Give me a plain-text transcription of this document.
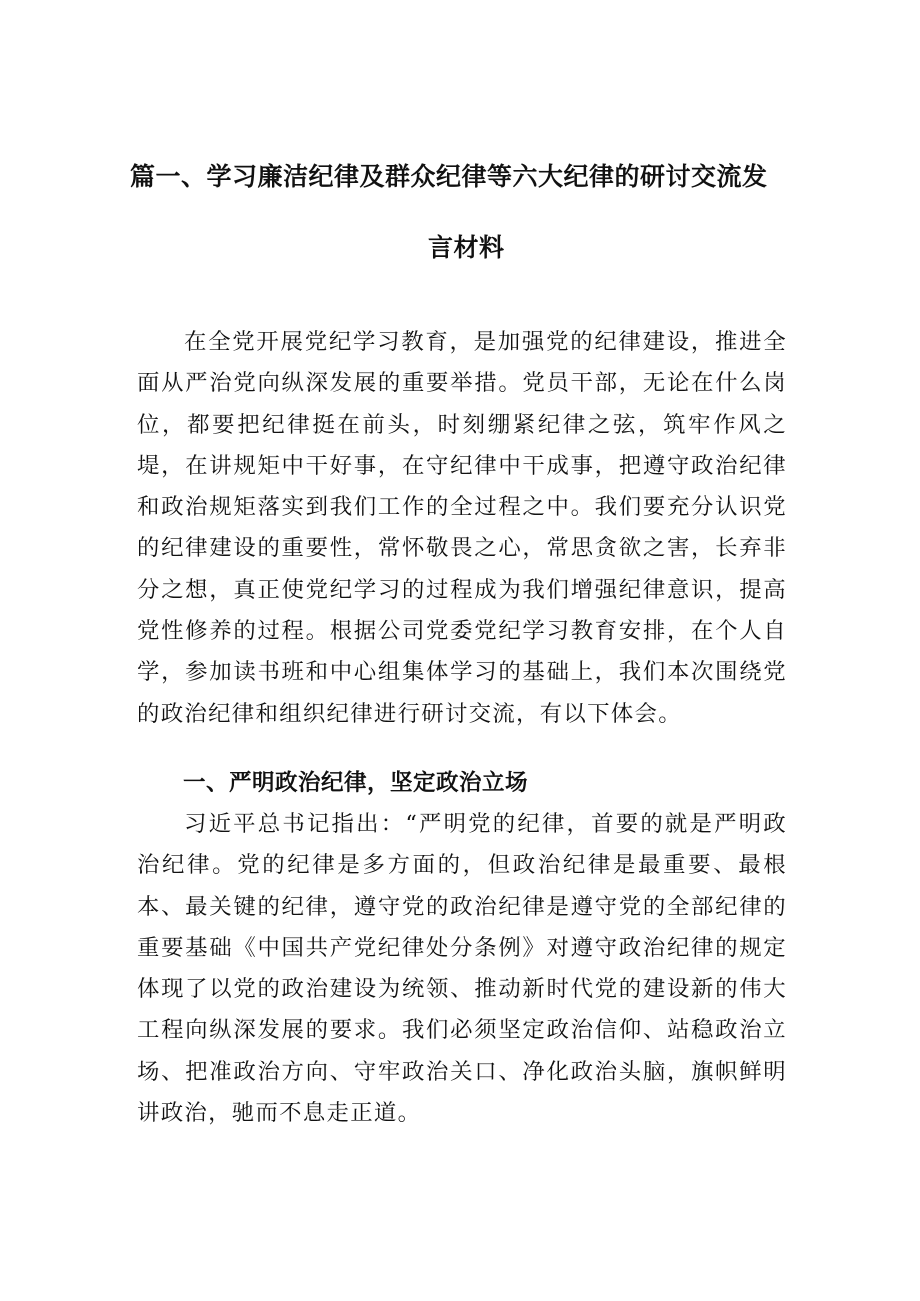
篇一、学习廉洁纪律及群众纪律等六大纪律的研讨交流发
言材料

在全党开展党纪学习教育，是加强党的纪律建设，推进全面从严治党向纵深发展的重要举措。党员干部，无论在什么岗位，都要把纪律挺在前头，时刻绷紧纪律之弦，筑牢作风之堤，在讲规矩中干好事，在守纪律中干成事，把遵守政治纪律和政治规矩落实到我们工作的全过程之中。我们要充分认识党的纪律建设的重要性，常怀敬畏之心，常思贪欲之害，长弃非分之想，真正使党纪学习的过程成为我们增强纪律意识，提高党性修养的过程。根据公司党委党纪学习教育安排，在个人自学，参加读书班和中心组集体学习的基础上，我们本次围绕党的政治纪律和组织纪律进行研讨交流，有以下体会。

一、严明政治纪律，坚定政治立场

习近平总书记指出：“严明党的纪律，首要的就是严明政治纪律。党的纪律是多方面的，但政治纪律是最重要、最根本、最关键的纪律，遵守党的政治纪律是遵守党的全部纪律的重要基础《中国共产党纪律处分条例》对遵守政治纪律的规定体现了以党的政治建设为统领、推动新时代党的建设新的伟大工程向纵深发展的要求。我们必须坚定政治信仰、站稳政治立场、把准政治方向、守牢政治关口、净化政治头脑，旗帜鲜明讲政治，驰而不息走正道。
